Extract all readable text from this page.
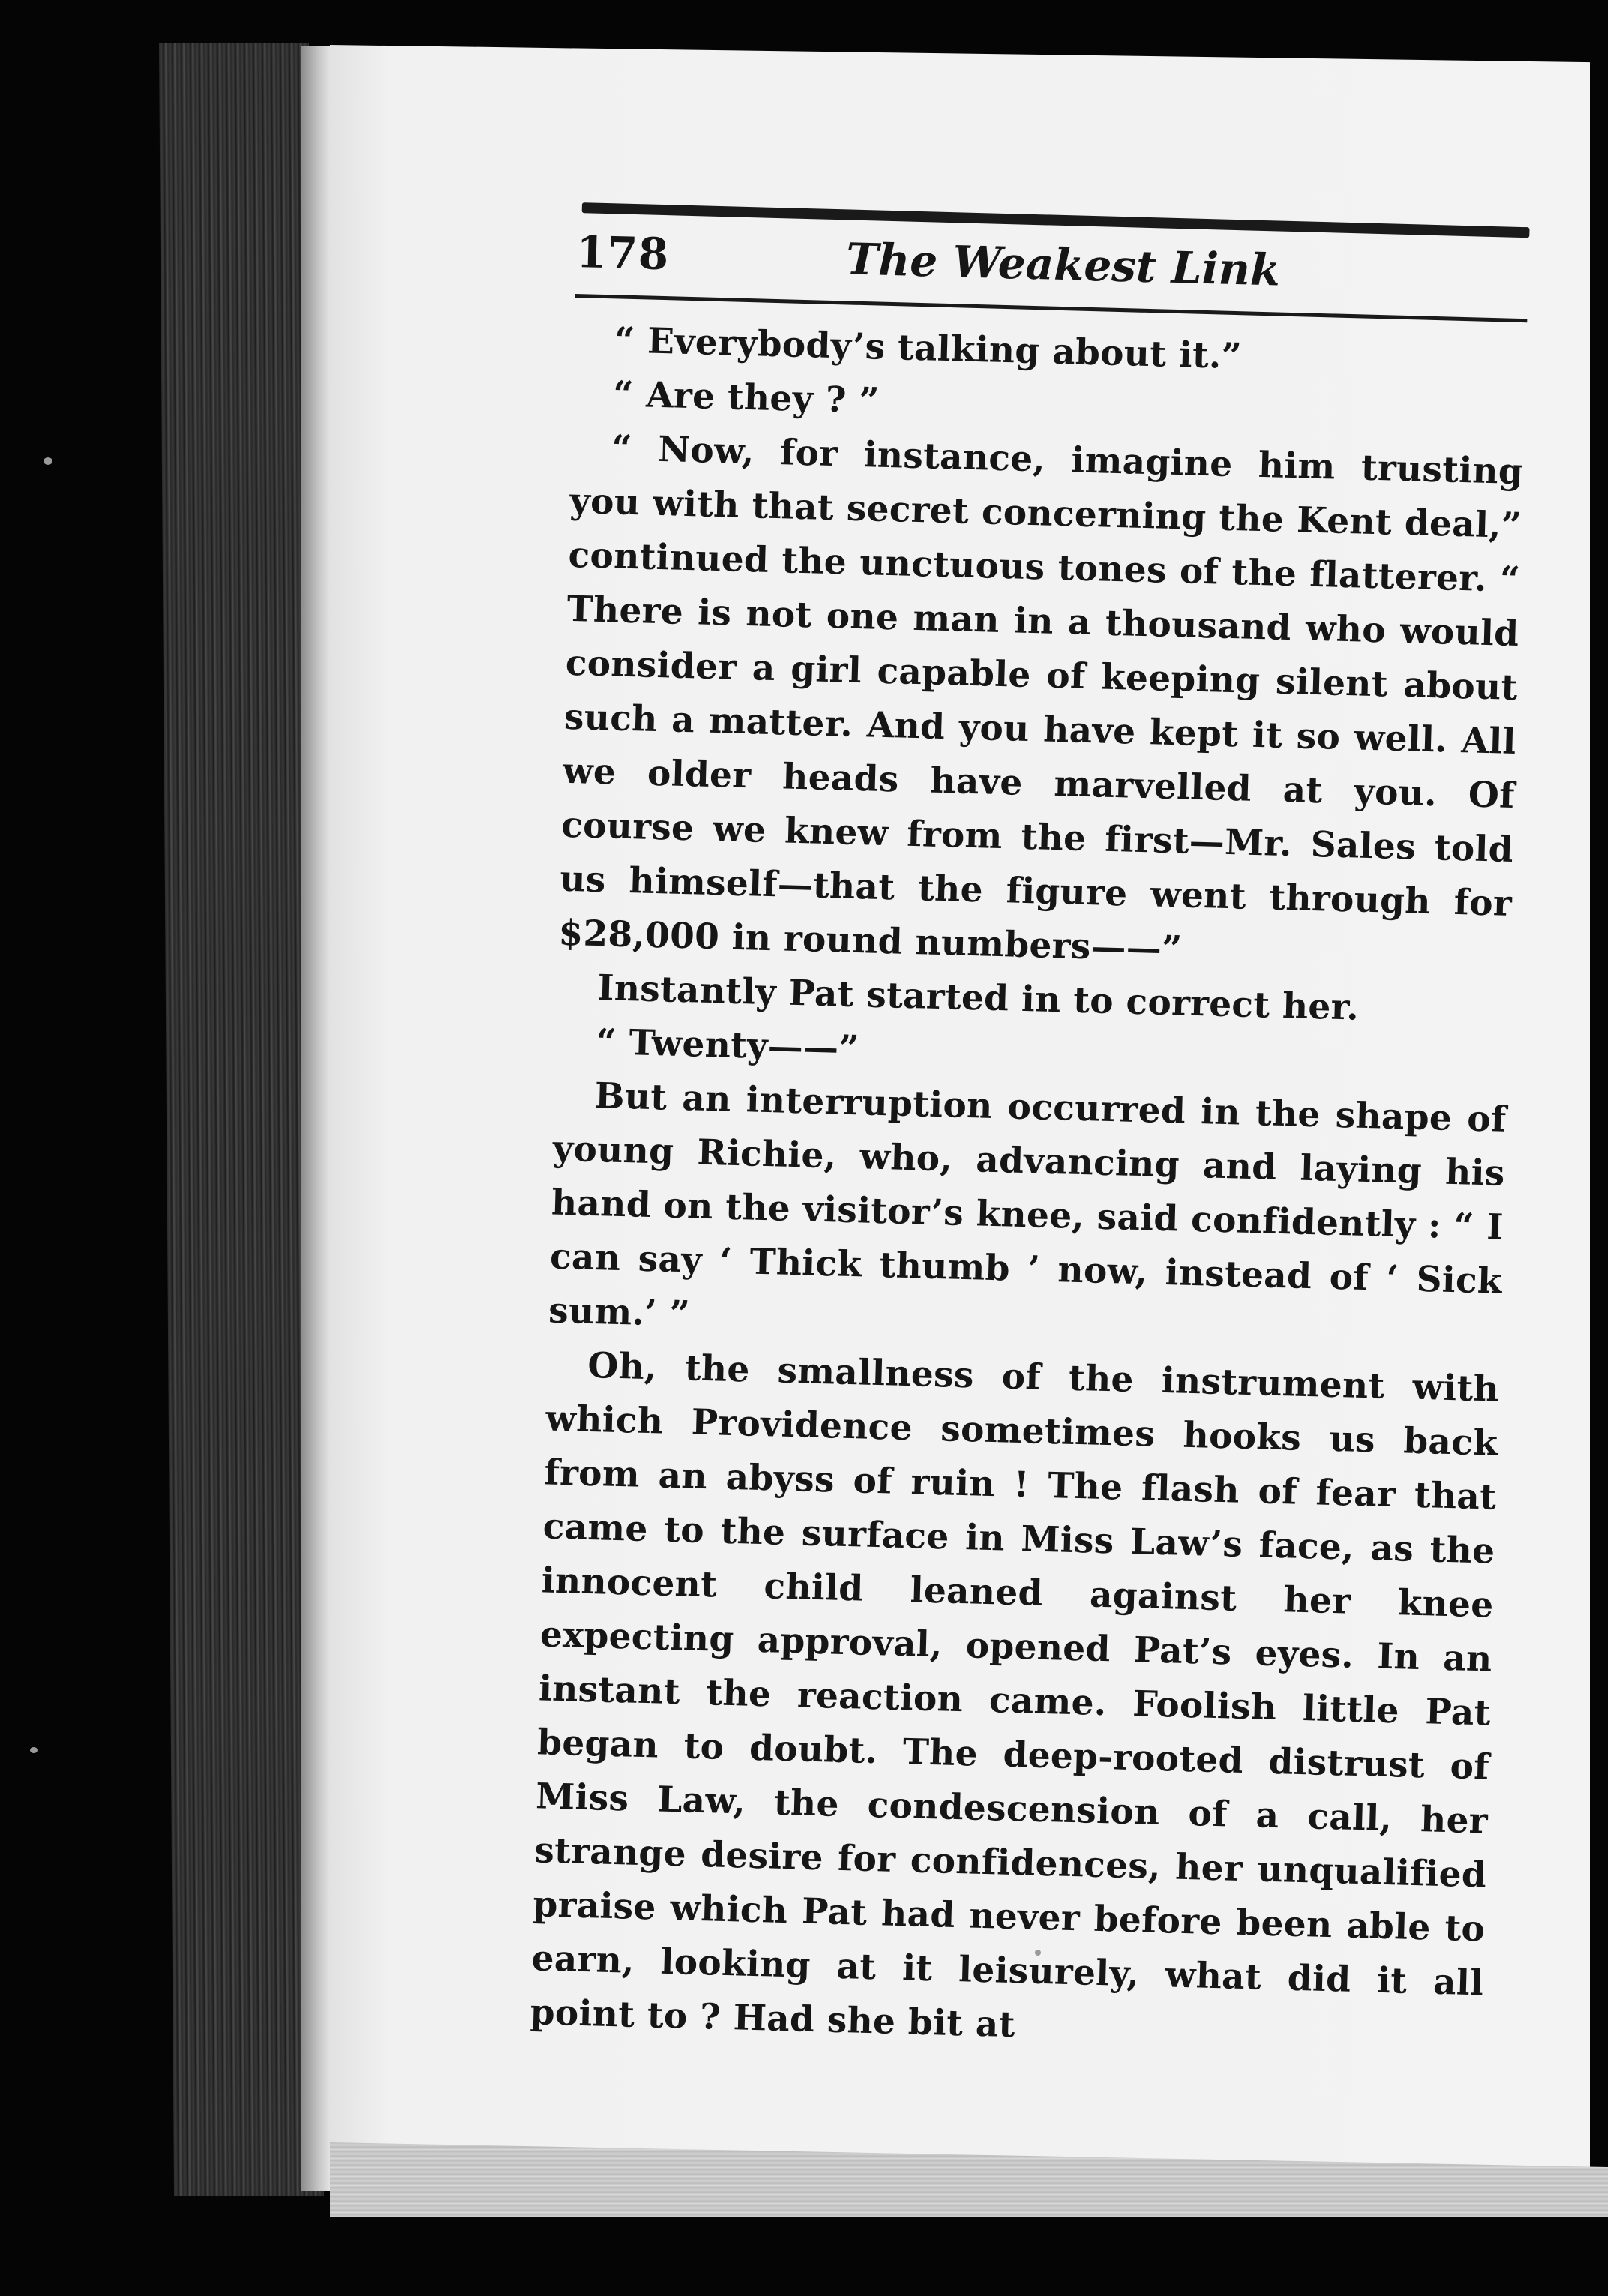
178	The Weakest Link

“ Everybody’s talking about it.”

“ Are they ? ”

“ Now, for instance, imagine him trusting you with that secret concerning the Kent deal,” continued the unctuous tones of the flatterer. “ There is not one man in a thousand who would consider a girl capable of keeping silent about such a matter. And you have kept it so well. All we older heads have marvelled at you. Of course we knew from the first—Mr. Sales told us himself—that the figure went through for $28,000 in round numbers——”

Instantly Pat started in to correct her.

“ Twenty——”

But an interruption occurred in the shape of young Richie, who, advancing and laying his hand on the visitor’s knee, said confidently : “ I can say ‘ Thick thumb ’ now, instead of ‘ Sick sum.’ ”

Oh, the smallness of the instrument with which Providence sometimes hooks us back from an abyss of ruin ! The flash of fear that came to the surface in Miss Law’s face, as the innocent child leaned against her knee expecting approval, opened Pat’s eyes. In an instant the reaction came. Foolish little Pat began to doubt. The deep-rooted distrust of Miss Law, the condescension of a call, her strange desire for confidences, her unqualified praise which Pat had never before been able to earn, looking at it leisurely, what did it all point to ? Had she bit at
